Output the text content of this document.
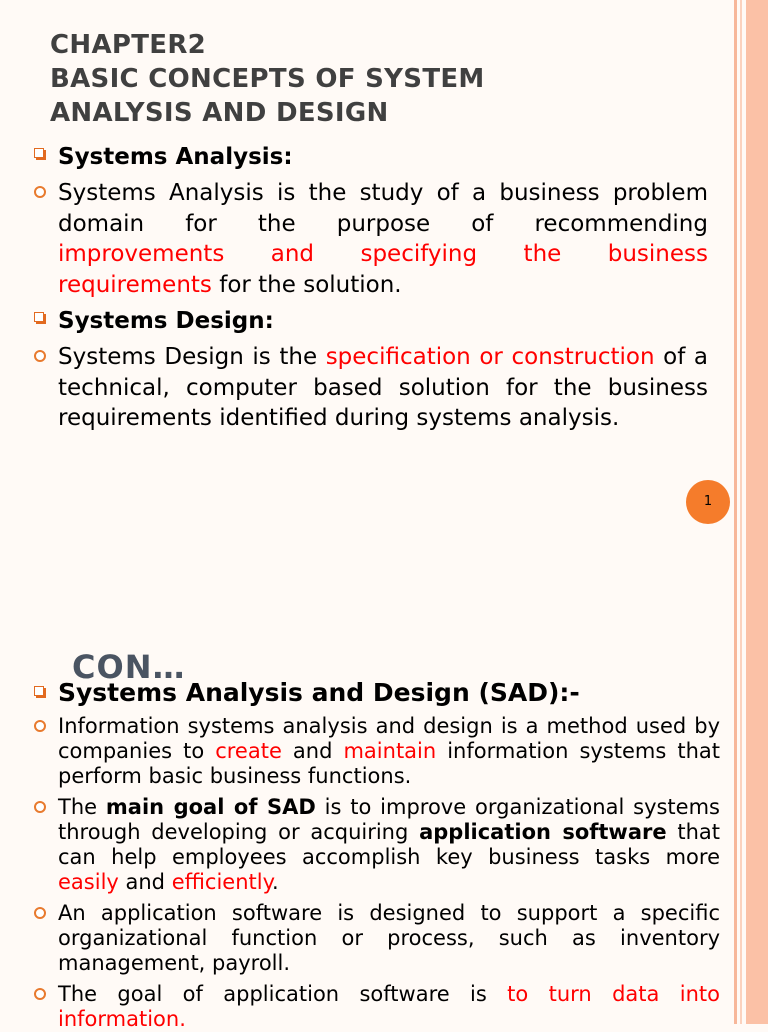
CHAPTER2
BASIC CONCEPTS OF SYSTEM
ANALYSIS AND DESIGN
Systems Analysis:
Systems Analysis is the study of a business problem domain for the purpose of recommending improvements and specifying the business requirements for the solution.
Systems Design:
Systems Design is the specification or construction of a technical, computer based solution for the business requirements identified during systems analysis.
1
CON…
Systems Analysis and Design (SAD):-
Information systems analysis and design is a method used by companies to create and maintain information systems that perform basic business functions.
The main goal of SAD is to improve organizational systems through developing or acquiring application software that can help employees accomplish key business tasks more easily and efficiently.
An application software is designed to support a specific organizational function or process, such as inventory management, payroll.
The goal of application software is to turn data into information.
